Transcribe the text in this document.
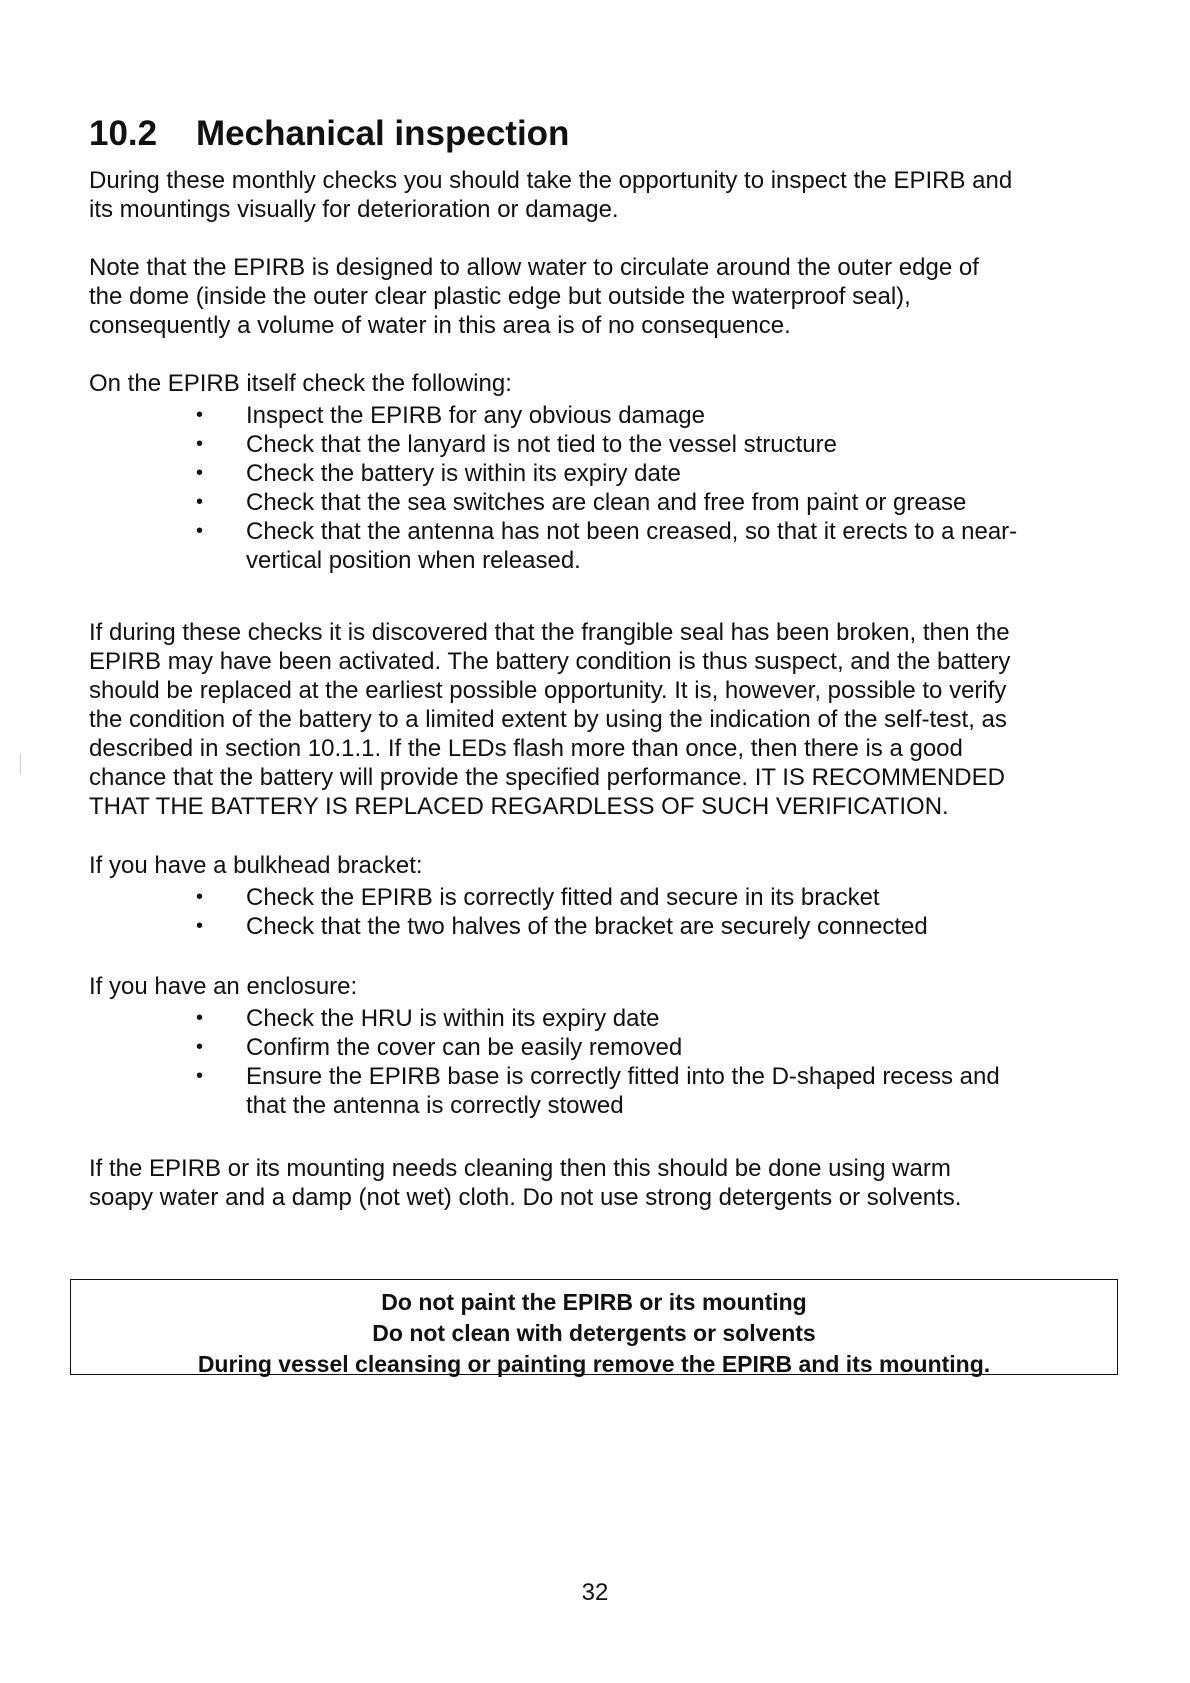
10.2 Mechanical inspection
During these monthly checks you should take the opportunity to inspect the EPIRB and
its mountings visually for deterioration or damage.
Note that the EPIRB is designed to allow water to circulate around the outer edge of
the dome (inside the outer clear plastic edge but outside the waterproof seal),
consequently a volume of water in this area is of no consequence.
On the EPIRB itself check the following:
• Inspect the EPIRB for any obvious damage
• Check that the lanyard is not tied to the vessel structure
• Check the battery is within its expiry date
• Check that the sea switches are clean and free from paint or grease
• Check that the antenna has not been creased, so that it erects to a near-
vertical position when released.
If during these checks it is discovered that the frangible seal has been broken, then the
EPIRB may have been activated. The battery condition is thus suspect, and the battery
should be replaced at the earliest possible opportunity. It is, however, possible to verify
the condition of the battery to a limited extent by using the indication of the self-test, as
described in section 10.1.1. If the LEDs flash more than once, then there is a good
chance that the battery will provide the specified performance. IT IS RECOMMENDED
THAT THE BATTERY IS REPLACED REGARDLESS OF SUCH VERIFICATION.
If you have a bulkhead bracket:
• Check the EPIRB is correctly fitted and secure in its bracket
• Check that the two halves of the bracket are securely connected
If you have an enclosure:
• Check the HRU is within its expiry date
• Confirm the cover can be easily removed
• Ensure the EPIRB base is correctly fitted into the D-shaped recess and
that the antenna is correctly stowed
If the EPIRB or its mounting needs cleaning then this should be done using warm
soapy water and a damp (not wet) cloth. Do not use strong detergents or solvents.
Do not paint the EPIRB or its mounting
Do not clean with detergents or solvents
During vessel cleansing or painting remove the EPIRB and its mounting.
32
